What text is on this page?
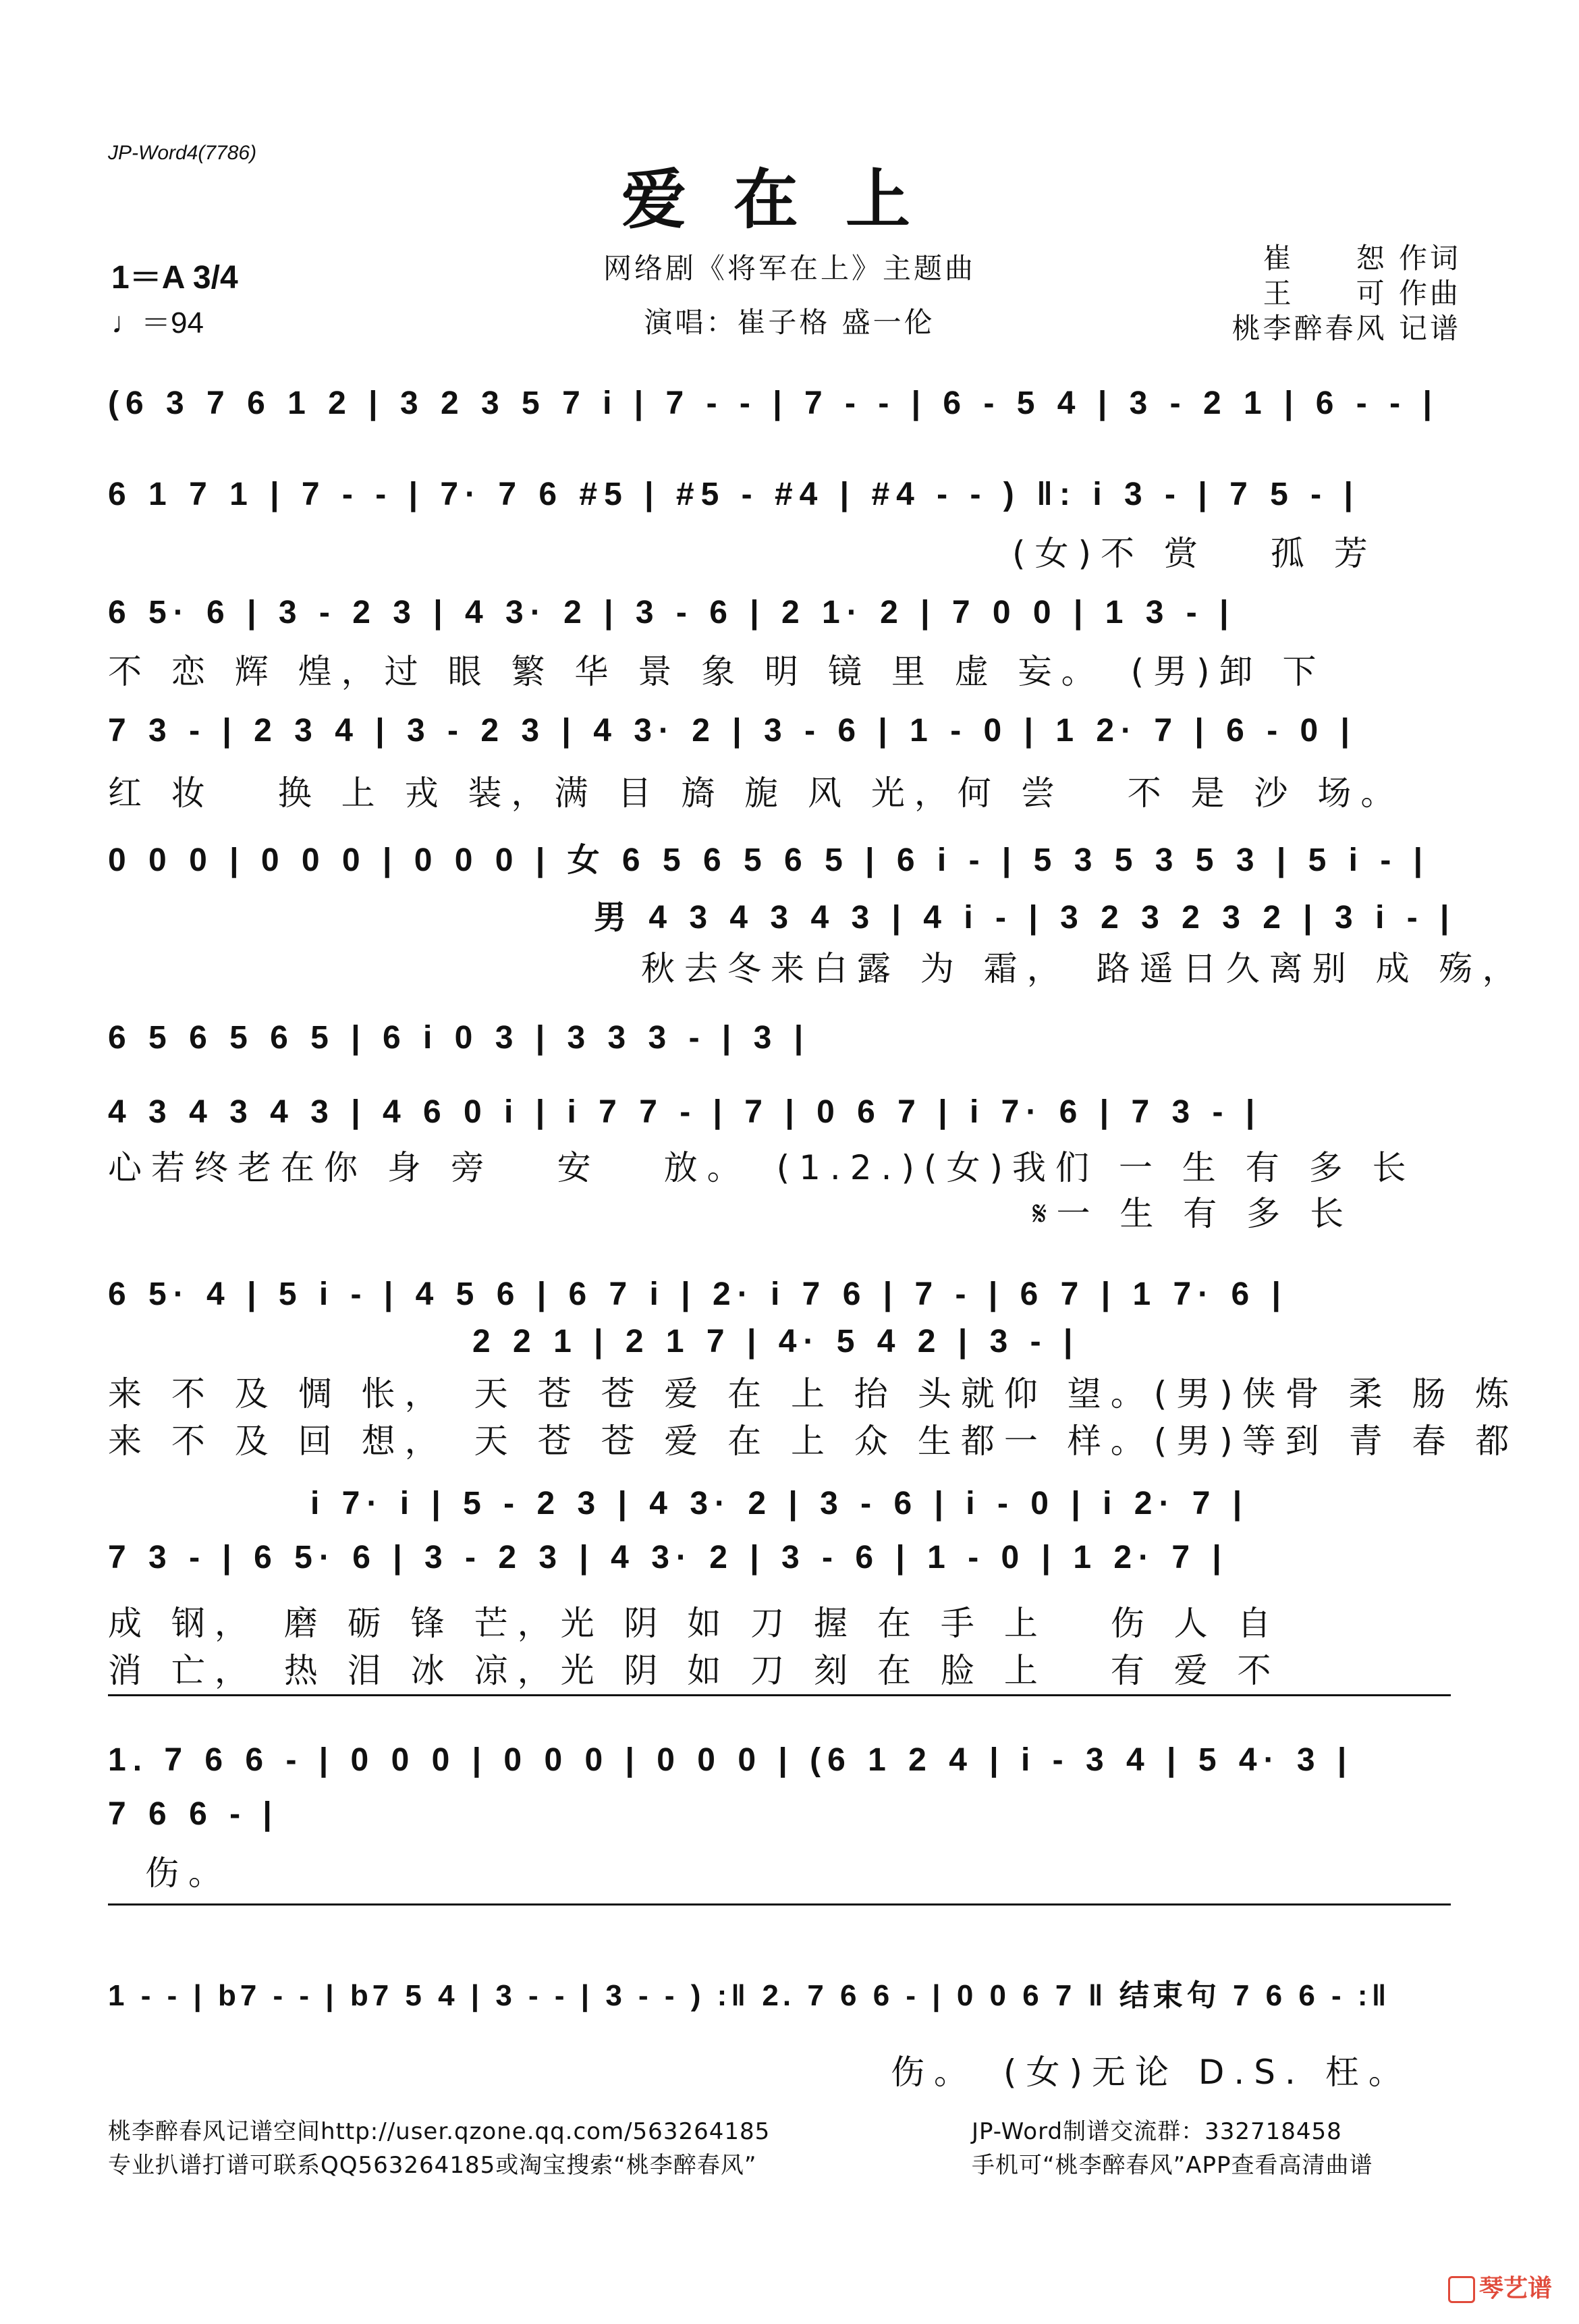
JP-Word4(7786)
爱在上
网络剧《将军在上》主题曲
演唱：崔子格 盛一伦
崔　　恕 作词
王　　可 作曲
桃李醉春风 记谱
1＝A 3/4
♩＝94
(6 3 7 6 1 2 | 3 2 3 5 7 i | 7 - - | 7 - - | 6 - 5 4 | 3 - 2 1 | 6 - - |
6 1 7 1 | 7 - - | 7· 7 6 #5 | #5 - #4 | #4 - - ) ‖: i 3 - | 7 5 - |
(女)不 赏　 孤 芳
6 5· 6 | 3 - 2 3 | 4 3· 2 | 3 - 6 | 2 1· 2 | 7 0 0 | 1 3 - |
不 恋 辉 煌，过 眼 繁 华 景 象 明 镜 里 虚 妄。　(男)卸 下
7 3 - | 2 3 4 | 3 - 2 3 | 4 3· 2 | 3 - 6 | 1 - 0 | 1 2· 7 | 6 - 0 |
红 妆　 换 上 戎 装，满 目 旖 旎 风 光，何 尝　 不 是 沙 场。
0 0 0 | 0 0 0 | 0 0 0 | 女 6 5 6 5 6 5 | 6 i - | 5 3 5 3 5 3 | 5 i - |
男 4 3 4 3 4 3 | 4 i - | 3 2 3 2 3 2 | 3 i - |
秋去冬来白露 为 霜，　路遥日久离别 成 殇，
6 5 6 5 6 5 | 6 i 0 3 | 3 3 3 - | 3 |
4 3 4 3 4 3 | 4 6 0 i | i 7 7 - | 7 | 0 6 7 | i 7· 6 | 7 3 - |
心若终老在你 身 旁　 安　 放。　(1.2.)(女)我们 一 生 有 多 长
𝄋一 生 有 多 长
6 5· 4 | 5 i - | 4 5 6 | 6 7 i | 2· i 7 6 | 7 - | 6 7 | 1 7· 6 |
2 2 1 | 2 1 7 | 4· 5 4 2 | 3 - |
来 不 及 惆 怅，　天 苍 苍 爱 在 上 抬 头就仰 望。(男)侠骨 柔 肠 炼
来 不 及 回 想，　天 苍 苍 爱 在 上 众 生都一 样。(男)等到 青 春 都
i 7· i | 5 - 2 3 | 4 3· 2 | 3 - 6 | i - 0 | i 2· 7 |
7 3 - | 6 5· 6 | 3 - 2 3 | 4 3· 2 | 3 - 6 | 1 - 0 | 1 2· 7 |
成 钢，　磨 砺 锋 芒，光 阴 如 刀 握 在 手 上　 伤 人 自
消 亡，　热 泪 冰 凉，光 阴 如 刀 刻 在 脸 上　 有 爱 不
1. 7 6 6 - | 0 0 0 | 0 0 0 | 0 0 0 | (6 1 2 4 | i - 3 4 | 5 4· 3 |
7 6 6 - |
伤。
1 - - | b7 - - | b7 5 4 | 3 - - | 3 - - ) :‖ 2. 7 6 6 - | 0 0 6 7 ‖ 结束句 7 6 6 - :‖
伤。　(女)无论 D.S. 枉。
桃李醉春风记谱空间http://user.qzone.qq.com/563264185
专业扒谱打谱可联系QQ563264185或淘宝搜索“桃李醉春风”
JP-Word制谱交流群：332718458
手机可“桃李醉春风”APP查看高清曲谱
琴艺谱
